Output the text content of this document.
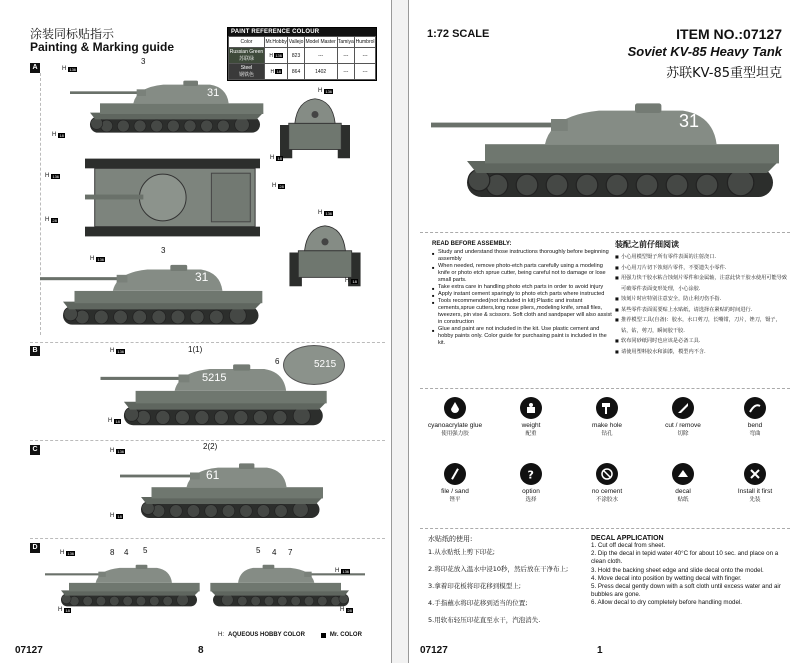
涂装同标贴指示
Painting & Marking guide
PAINT REFERENCE COLOUR
Color	Mr.Hobby	Vallejo	Model Master	Tamiya	Humbrol

Russian Green
苏联绿	H 136	823	---	---	---

Steel
钢铁色	H 18	864	1402	---	---
A	H 136
3
31
H 18
H 136
H 18
H 136
H 28
H 28
H 136
3
31
H 136
H 18
B	1(1)
6
H 136
5215
5215
H 18
C	2(2)
H 136
61
H 18
D
8 4 5	5 4 7
H 136
H 136
H 18	H 28
H: AQUEOUS HOBBY COLOR	Mr. COLOR
07127	8
1:72 SCALE	ITEM NO.:07127
Soviet KV-85 Heavy Tank
苏联KV-85重型坦克
31
READ BEFORE ASSEMBLY:
■ Study and understand those instructions thoroughly before beginning assembly
■ When needed, remove photo-etch parts carefully using a modeling knife or photo etch sprue cutter, being careful not to damage or lose small parts.
■ Take extra care in handling photo etch parts in order to avoid injury
■ Apply instant cement sparingly to photo etch parts where instructed
■ Tools recommended(not included in kit):Plastic and instant cements,sprue cutters,long nose pliers,,modeling knife, small files, tweezers, pin vise & scissors. Soft cloth and sandpaper will also assist in construction
■ Glue and paint are not included in the kit. Use plastic cement and hobby paints only. Color guide for purchasing paint is included in the kit.
装配之前仔细阅读
■ 小心用模型镊子所有零件表面的注射浇口.
■ 小心用刀片切下蚀刻片零件，不要遗失小零件.
■ 用强力快干胶水粘合蚀刻片零件和金属轴，注意此快干胶水使用可能导致可破零件表面变形处理，小心涂胶.
■ 蚀刻片时应特别注意安全，防止利刃伤手指.
■ 某些零件表面需要贴上水贴纸，请选择在紧贴的时间进行.
■ 推荐模型工具(自备)：胶水，水口剪刀，长嘴钳，刀片，锉刀，镊子，钻，钻，剪刀，瞬间胶干胶.
■ 软布同砂纸同时也应该是必备工具.
■ 请使用塑料胶水和油漆，模型内不含.
cyanoacrylate glue
使用强力胶
weight
配重
make hole
钻孔
cut / remove
切除
bend
弯曲
file / sand
锉平
?
option
选择
no cement
不涂胶水
decal
贴纸
Install it first
先装
水贴纸的使用:
1.从水贴纸上剪下印花;
2.将印花放入温水中浸10秒，然后放在干净布上;
3.拿着印花板将印花移到模型上;
4.手指蘸水将印花移到适当的位置;
5.用软布轻压印花直至水干，汽泡消失.
DECAL APPLICATION
1. Cut off decal from sheet.
2. Dip the decal in tepid water 40°C for about 10 sec. and place on a clean cloth.
3. Hold the backing sheet edge and slide decal onto the model.
4. Move decal into position by wetting decal with finger.
5. Press decal gently down with a soft cloth until excess water and air bubbles are gone.
6. Allow decal to dry completely before handling model.
07127	1
